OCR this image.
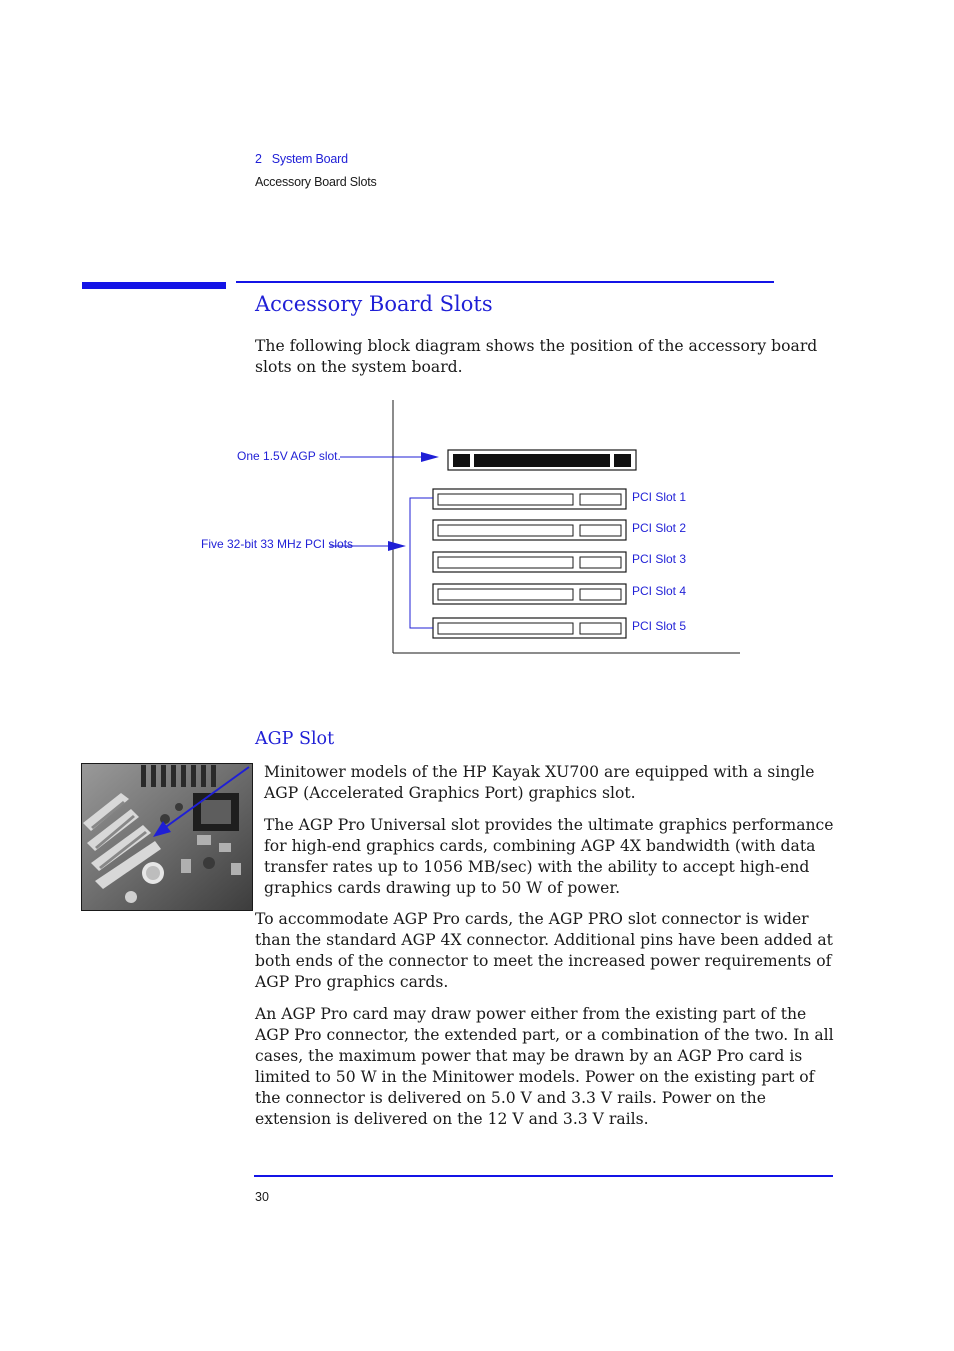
2 System Board
Accessory Board Slots
Accessory Board Slots

The following block diagram shows the position of the accessory board slots on the system board.

One 1.5V AGP slot.
PCI Slot 1
PCI Slot 2
PCI Slot 3
PCI Slot 4
PCI Slot 5
Five 32-bit 33 MHz PCI slots
AGP Slot

Minitower models of the HP Kayak XU700 are equipped with a single AGP (Accelerated Graphics Port) graphics slot.

The AGP Pro Universal slot provides the ultimate graphics performance for high-end graphics cards, combining AGP 4X bandwidth (with data transfer rates up to 1056 MB/sec) with the ability to accept high-end graphics cards drawing up to 50 W of power.

To accommodate AGP Pro cards, the AGP PRO slot connector is wider than the standard AGP 4X connector. Additional pins have been added at both ends of the connector to meet the increased power requirements of AGP Pro graphics cards.

An AGP Pro card may draw power either from the existing part of the AGP Pro connector, the extended part, or a combination of the two. In all cases, the maximum power that may be drawn by an AGP Pro card is limited to 50 W in the Minitower models. Power on the existing part of the connector is delivered on 5.0 V and 3.3 V rails. Power on the extension is delivered on the 12 V and 3.3 V rails.

30
